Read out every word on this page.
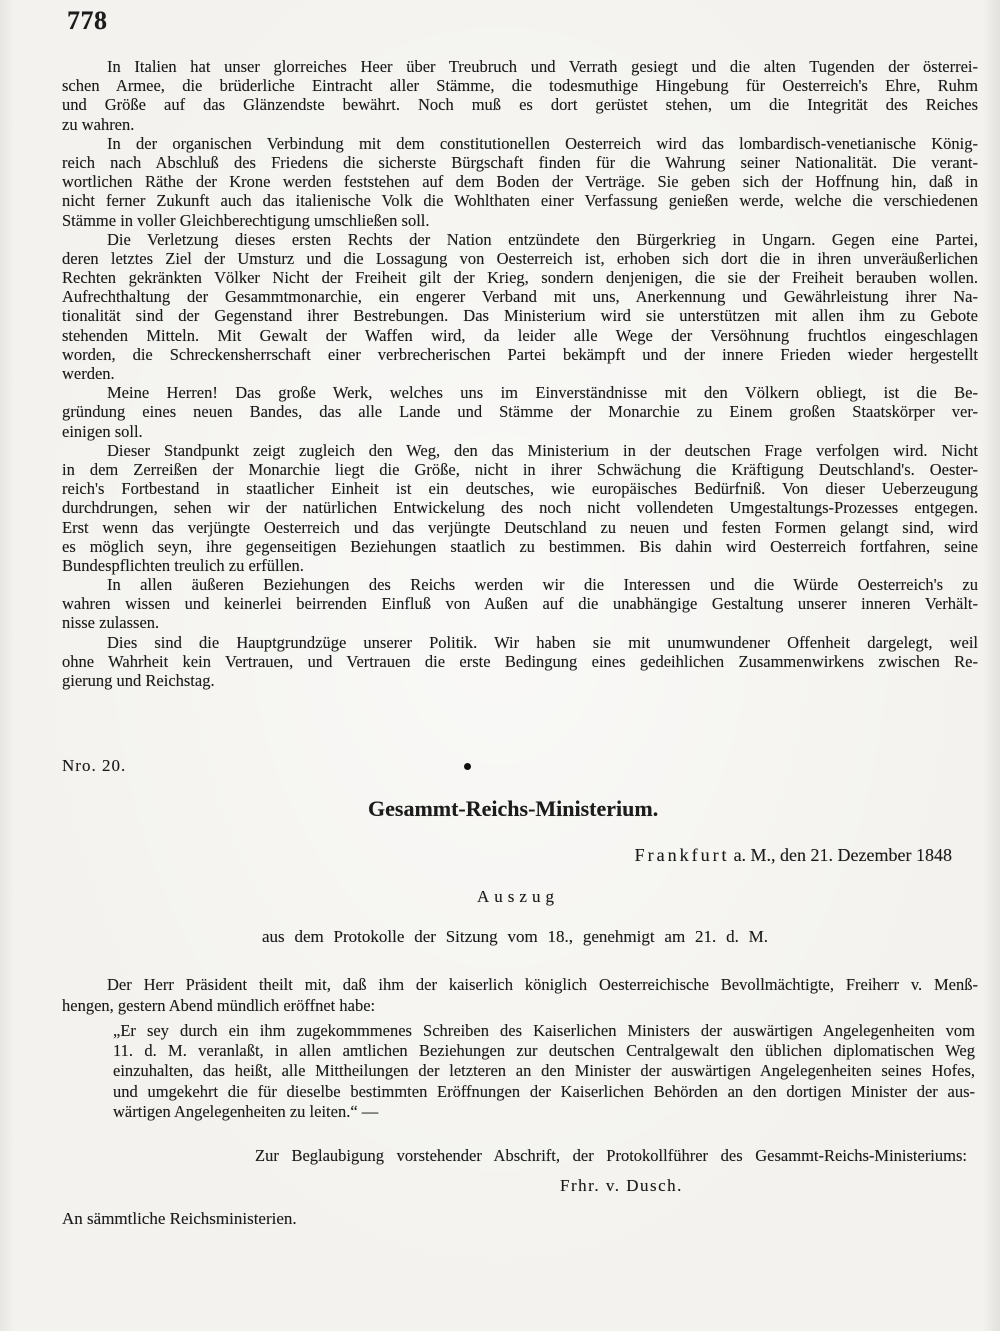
778
In Italien hat unser glorreiches Heer über Treubruch und Verrath gesiegt und die alten Tugenden der österrei-
schen Armee, die brüderliche Eintracht aller Stämme, die todesmuthige Hingebung für Oesterreich's Ehre, Ruhm
und Größe auf das Glänzendste bewährt. Noch muß es dort gerüstet stehen, um die Integrität des Reiches
zu wahren.
In der organischen Verbindung mit dem constitutionellen Oesterreich wird das lombardisch-venetianische König-
reich nach Abschluß des Friedens die sicherste Bürgschaft finden für die Wahrung seiner Nationalität. Die verant-
wortlichen Räthe der Krone werden feststehen auf dem Boden der Verträge. Sie geben sich der Hoffnung hin, daß in
nicht ferner Zukunft auch das italienische Volk die Wohlthaten einer Verfassung genießen werde, welche die verschiedenen
Stämme in voller Gleichberechtigung umschließen soll.
Die Verletzung dieses ersten Rechts der Nation entzündete den Bürgerkrieg in Ungarn. Gegen eine Partei,
deren letztes Ziel der Umsturz und die Lossagung von Oesterreich ist, erhoben sich dort die in ihren unveräußerlichen
Rechten gekränkten Völker Nicht der Freiheit gilt der Krieg, sondern denjenigen, die sie der Freiheit berauben wollen.
Aufrechthaltung der Gesammtmonarchie, ein engerer Verband mit uns, Anerkennung und Gewährleistung ihrer Na-
tionalität sind der Gegenstand ihrer Bestrebungen. Das Ministerium wird sie unterstützen mit allen ihm zu Gebote
stehenden Mitteln. Mit Gewalt der Waffen wird, da leider alle Wege der Versöhnung fruchtlos eingeschlagen
worden, die Schreckensherrschaft einer verbrecherischen Partei bekämpft und der innere Frieden wieder hergestellt
werden.
Meine Herren! Das große Werk, welches uns im Einverständnisse mit den Völkern obliegt, ist die Be-
gründung eines neuen Bandes, das alle Lande und Stämme der Monarchie zu Einem großen Staatskörper ver-
einigen soll.
Dieser Standpunkt zeigt zugleich den Weg, den das Ministerium in der deutschen Frage verfolgen wird. Nicht
in dem Zerreißen der Monarchie liegt die Größe, nicht in ihrer Schwächung die Kräftigung Deutschland's. Oester-
reich's Fortbestand in staatlicher Einheit ist ein deutsches, wie europäisches Bedürfniß. Von dieser Ueberzeugung
durchdrungen, sehen wir der natürlichen Entwickelung des noch nicht vollendeten Umgestaltungs-Prozesses entgegen.
Erst wenn das verjüngte Oesterreich und das verjüngte Deutschland zu neuen und festen Formen gelangt sind, wird
es möglich seyn, ihre gegenseitigen Beziehungen staatlich zu bestimmen. Bis dahin wird Oesterreich fortfahren, seine
Bundespflichten treulich zu erfüllen.
In allen äußeren Beziehungen des Reichs werden wir die Interessen und die Würde Oesterreich's zu
wahren wissen und keinerlei beirrenden Einfluß von Außen auf die unabhängige Gestaltung unserer inneren Verhält-
nisse zulassen.
Dies sind die Hauptgrundzüge unserer Politik. Wir haben sie mit unumwundener Offenheit dargelegt, weil
ohne Wahrheit kein Vertrauen, und Vertrauen die erste Bedingung eines gedeihlichen Zusammenwirkens zwischen Re-
gierung und Reichstag.
Nro. 20.
Gesammt-Reichs-Ministerium.
Frankfurt a. M., den 21. Dezember 1848
Auszug
aus dem Protokolle der Sitzung vom 18., genehmigt am 21. d. M.
Der Herr Präsident theilt mit, daß ihm der kaiserlich königlich Oesterreichische Bevollmächtigte, Freiherr v. Menß-
hengen, gestern Abend mündlich eröffnet habe:
„Er sey durch ein ihm zugekommmenes Schreiben des Kaiserlichen Ministers der auswärtigen Angelegenheiten vom
11. d. M. veranlaßt, in allen amtlichen Beziehungen zur deutschen Centralgewalt den üblichen diplomatischen Weg
einzuhalten, das heißt, alle Mittheilungen der letzteren an den Minister der auswärtigen Angelegenheiten seines Hofes,
und umgekehrt die für dieselbe bestimmten Eröffnungen der Kaiserlichen Behörden an den dortigen Minister der aus-
wärtigen Angelegenheiten zu leiten.“ —
Zur Beglaubigung vorstehender Abschrift, der Protokollführer des Gesammt-Reichs-Ministeriums:
Frhr. v. Dusch.
An sämmtliche Reichsministerien.
